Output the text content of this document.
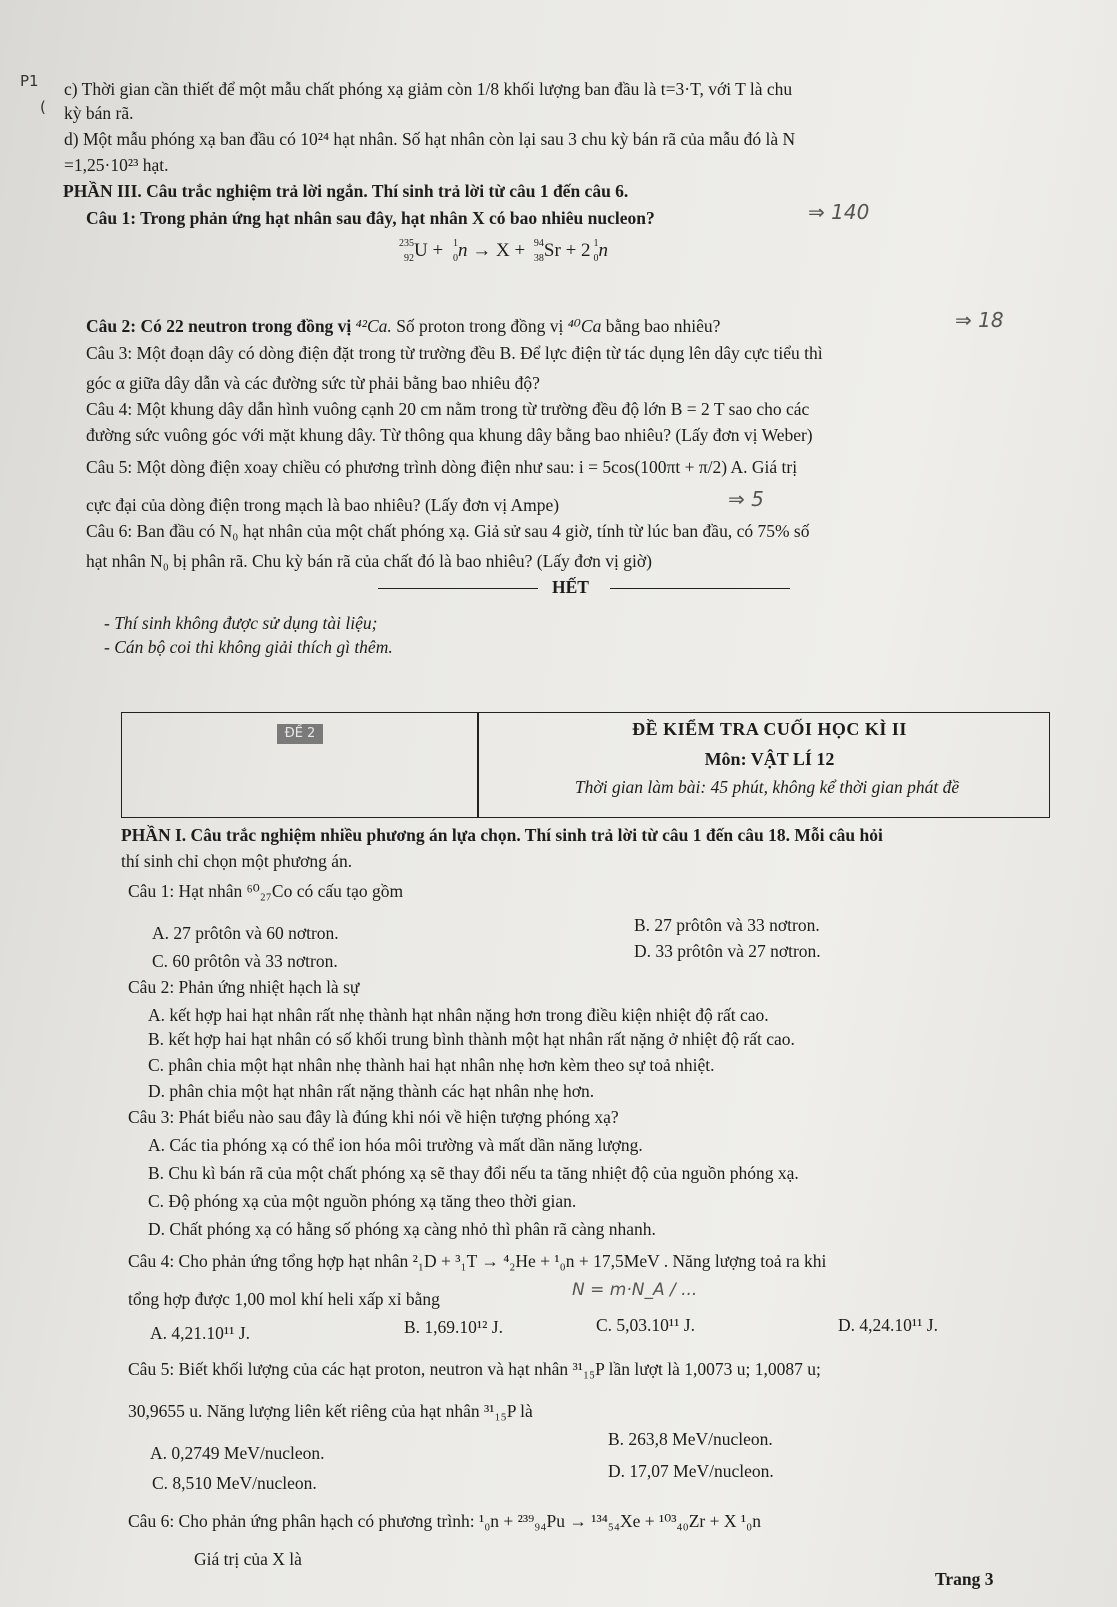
P1
(
c) Thời gian cần thiết để một mẫu chất phóng xạ giảm còn 1/8 khối lượng ban đầu là t=3·T, với T là chu
kỳ bán rã.
d) Một mẫu phóng xạ ban đầu có 10²⁴ hạt nhân. Số hạt nhân còn lại sau 3 chu kỳ bán rã của mẫu đó là N
=1,25·10²³ hạt.
PHẦN III. Câu trắc nghiệm trả lời ngắn. Thí sinh trả lời từ câu 1 đến câu 6.
Câu 1: Trong phản ứng hạt nhân sau đây, hạt nhân X có bao nhiêu nucleon?	⇒ 140
235
92 U + 1
0 n → X + 94
38 Sr + 2 1
0 n
Câu 2: Có 22 neutron trong đồng vị ⁴²Ca. Số proton trong đồng vị ⁴⁰Ca bằng bao nhiêu?	⇒ 18
Câu 3: Một đoạn dây có dòng điện đặt trong từ trường đều B. Để lực điện từ tác dụng lên dây cực tiểu thì
góc α giữa dây dẫn và các đường sức từ phải bằng bao nhiêu độ?
Câu 4: Một khung dây dẫn hình vuông cạnh 20 cm nằm trong từ trường đều độ lớn B = 2 T sao cho các
đường sức vuông góc với mặt khung dây. Từ thông qua khung dây bằng bao nhiêu? (Lấy đơn vị Weber)
Câu 5: Một dòng điện xoay chiều có phương trình dòng điện như sau: i = 5cos(100πt + π/2) A. Giá trị
cực đại của dòng điện trong mạch là bao nhiêu? (Lấy đơn vị Ampe)	⇒ 5
Câu 6: Ban đầu có N₀ hạt nhân của một chất phóng xạ. Giả sử sau 4 giờ, tính từ lúc ban đầu, có 75% số
hạt nhân N₀ bị phân rã. Chu kỳ bán rã của chất đó là bao nhiêu? (Lấy đơn vị giờ)
HẾT
- Thí sinh không được sử dụng tài liệu;
- Cán bộ coi thi không giải thích gì thêm.
ĐỀ 2	ĐỀ KIỂM TRA CUỐI HỌC KÌ II
Môn: VẬT LÍ 12
Thời gian làm bài: 45 phút, không kể thời gian phát đề
PHẦN I. Câu trắc nghiệm nhiều phương án lựa chọn. Thí sinh trả lời từ câu 1 đến câu 18. Mỗi câu hỏi
thí sinh chỉ chọn một phương án.
Câu 1: Hạt nhân ⁶⁰₂₇Co có cấu tạo gồm
A. 27 prôtôn và 60 nơtron.	B. 27 prôtôn và 33 nơtron.
C. 60 prôtôn và 33 nơtron.	D. 33 prôtôn và 27 nơtron.
Câu 2: Phản ứng nhiệt hạch là sự
A. kết hợp hai hạt nhân rất nhẹ thành hạt nhân nặng hơn trong điều kiện nhiệt độ rất cao.
B. kết hợp hai hạt nhân có số khối trung bình thành một hạt nhân rất nặng ở nhiệt độ rất cao.
C. phân chia một hạt nhân nhẹ thành hai hạt nhân nhẹ hơn kèm theo sự toả nhiệt.
D. phân chia một hạt nhân rất nặng thành các hạt nhân nhẹ hơn.
Câu 3: Phát biểu nào sau đây là đúng khi nói về hiện tượng phóng xạ?
A. Các tia phóng xạ có thể ion hóa môi trường và mất dần năng lượng.
B. Chu kì bán rã của một chất phóng xạ sẽ thay đổi nếu ta tăng nhiệt độ của nguồn phóng xạ.
C. Độ phóng xạ của một nguồn phóng xạ tăng theo thời gian.
D. Chất phóng xạ có hằng số phóng xạ càng nhỏ thì phân rã càng nhanh.
Câu 4: Cho phản ứng tổng hợp hạt nhân ²₁D + ³₁T → ⁴₂He + ¹₀n + 17,5MeV . Năng lượng toả ra khi
tổng hợp được 1,00 mol khí heli xấp xỉ bằng	N = m·N_A / ...
A. 4,21.10¹¹ J.	B. 1,69.10¹² J.	C. 5,03.10¹¹ J.	D. 4,24.10¹¹ J.
Câu 5: Biết khối lượng của các hạt proton, neutron và hạt nhân ³¹₁₅P lần lượt là 1,0073 u; 1,0087 u;
30,9655 u. Năng lượng liên kết riêng của hạt nhân ³¹₁₅P là
A. 0,2749 MeV/nucleon.
B. 263,8 MeV/nucleon.
C. 8,510 MeV/nucleon.
D. 17,07 MeV/nucleon.
Câu 6: Cho phản ứng phân hạch có phương trình: ¹₀n + ²³⁹₉₄Pu → ¹³⁴₅₄Xe + ¹⁰³₄₀Zr + X ¹₀n
Giá trị của X là
Trang 3
